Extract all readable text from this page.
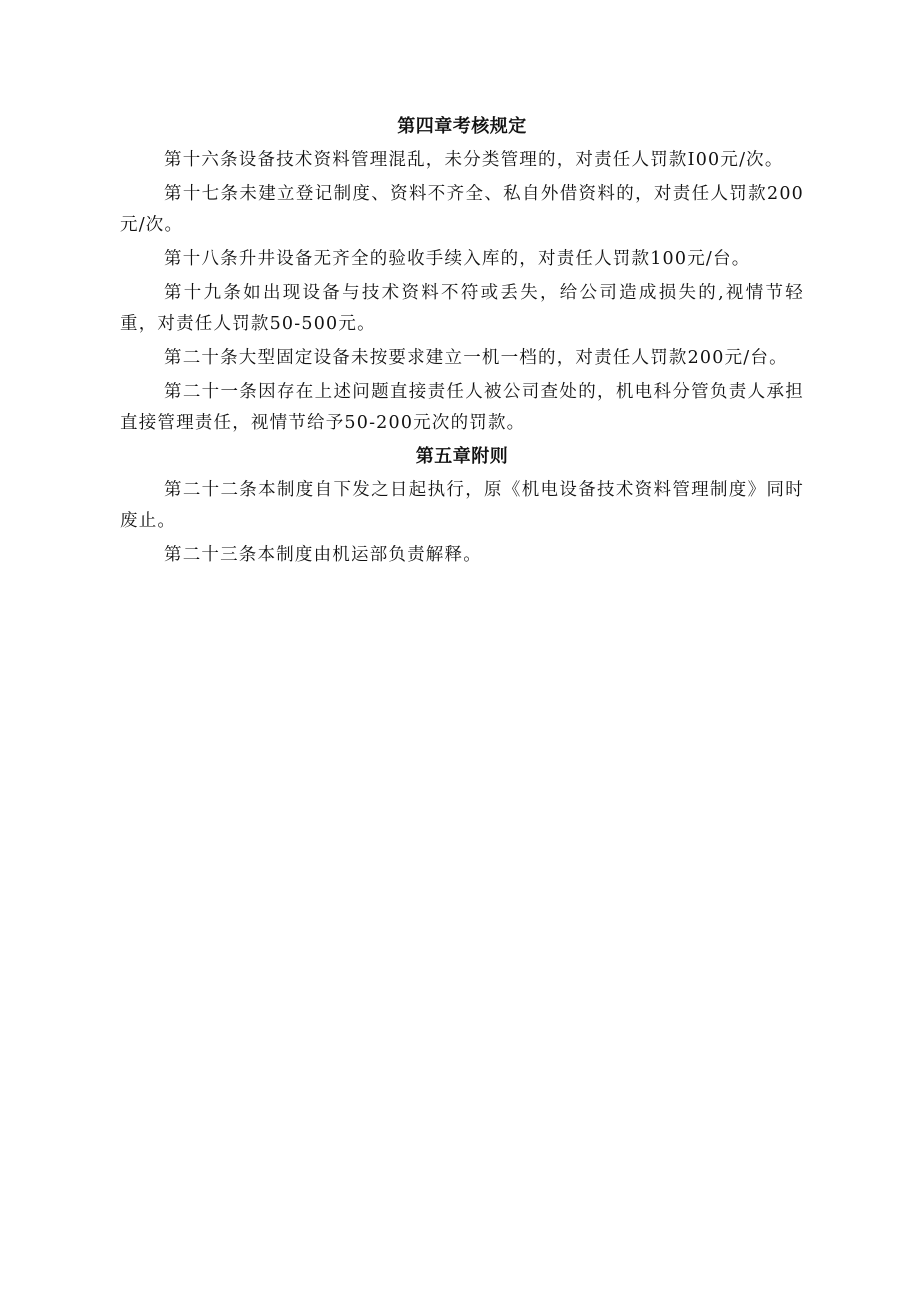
第四章考核规定

第十六条设备技术资料管理混乱，未分类管理的，对责任人罚款I00元/次。

第十七条未建立登记制度、资料不齐全、私自外借资料的，对责任人罚款200元/次。

第十八条升井设备无齐全的验收手续入库的，对责任人罚款100元/台。

第十九条如出现设备与技术资料不符或丢失，给公司造成损失的,视情节轻重，对责任人罚款50-500元。

第二十条大型固定设备未按要求建立一机一档的，对责任人罚款200元/台。

第二十一条因存在上述问题直接责任人被公司查处的，机电科分管负责人承担直接管理责任，视情节给予50-200元次的罚款。

第五章附则

第二十二条本制度自下发之日起执行，原《机电设备技术资料管理制度》同时废止。

第二十三条本制度由机运部负责解释。
